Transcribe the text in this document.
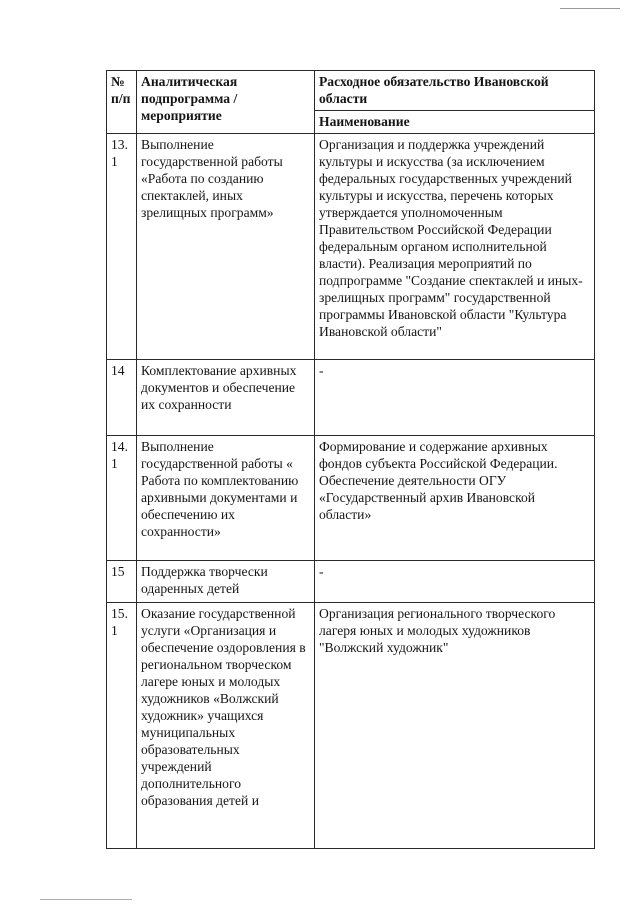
№ п/п	Аналитическая подпрограмма / мероприятие	Расходное обязательство Ивановской области
		Наименование
13.1	Выполнение государственной работы «Работа по созданию спектаклей, иных зрелищных программ»	Организация и поддержка учреждений культуры и искусства (за исключением федеральных государственных учреждений культуры и искусства, перечень которых утверждается уполномоченным Правительством Российской Федерации федеральным органом исполнительной власти). Реализация мероприятий по подпрограмме "Создание спектаклей и иных-зрелищных программ" государственной программы Ивановской области "Культура Ивановской области"
14	Комплектование архивных документов и обеспечение их сохранности	-
14.1	Выполнение государственной работы « Работа по комплектованию архивными документами и обеспечению их сохранности»	Формирование и содержание архивных фондов субъекта Российской Федерации. Обеспечение деятельности ОГУ «Государственный архив Ивановской области»
15	Поддержка творчески одаренных детей	-
15.1	Оказание государственной услуги «Организация и обеспечение оздоровления в региональном творческом лагере юных и молодых художников «Волжский художник» учащихся муниципальных образовательных учреждений дополнительного образования детей и	Организация регионального творческого лагеря юных и молодых художников "Волжский художник"
